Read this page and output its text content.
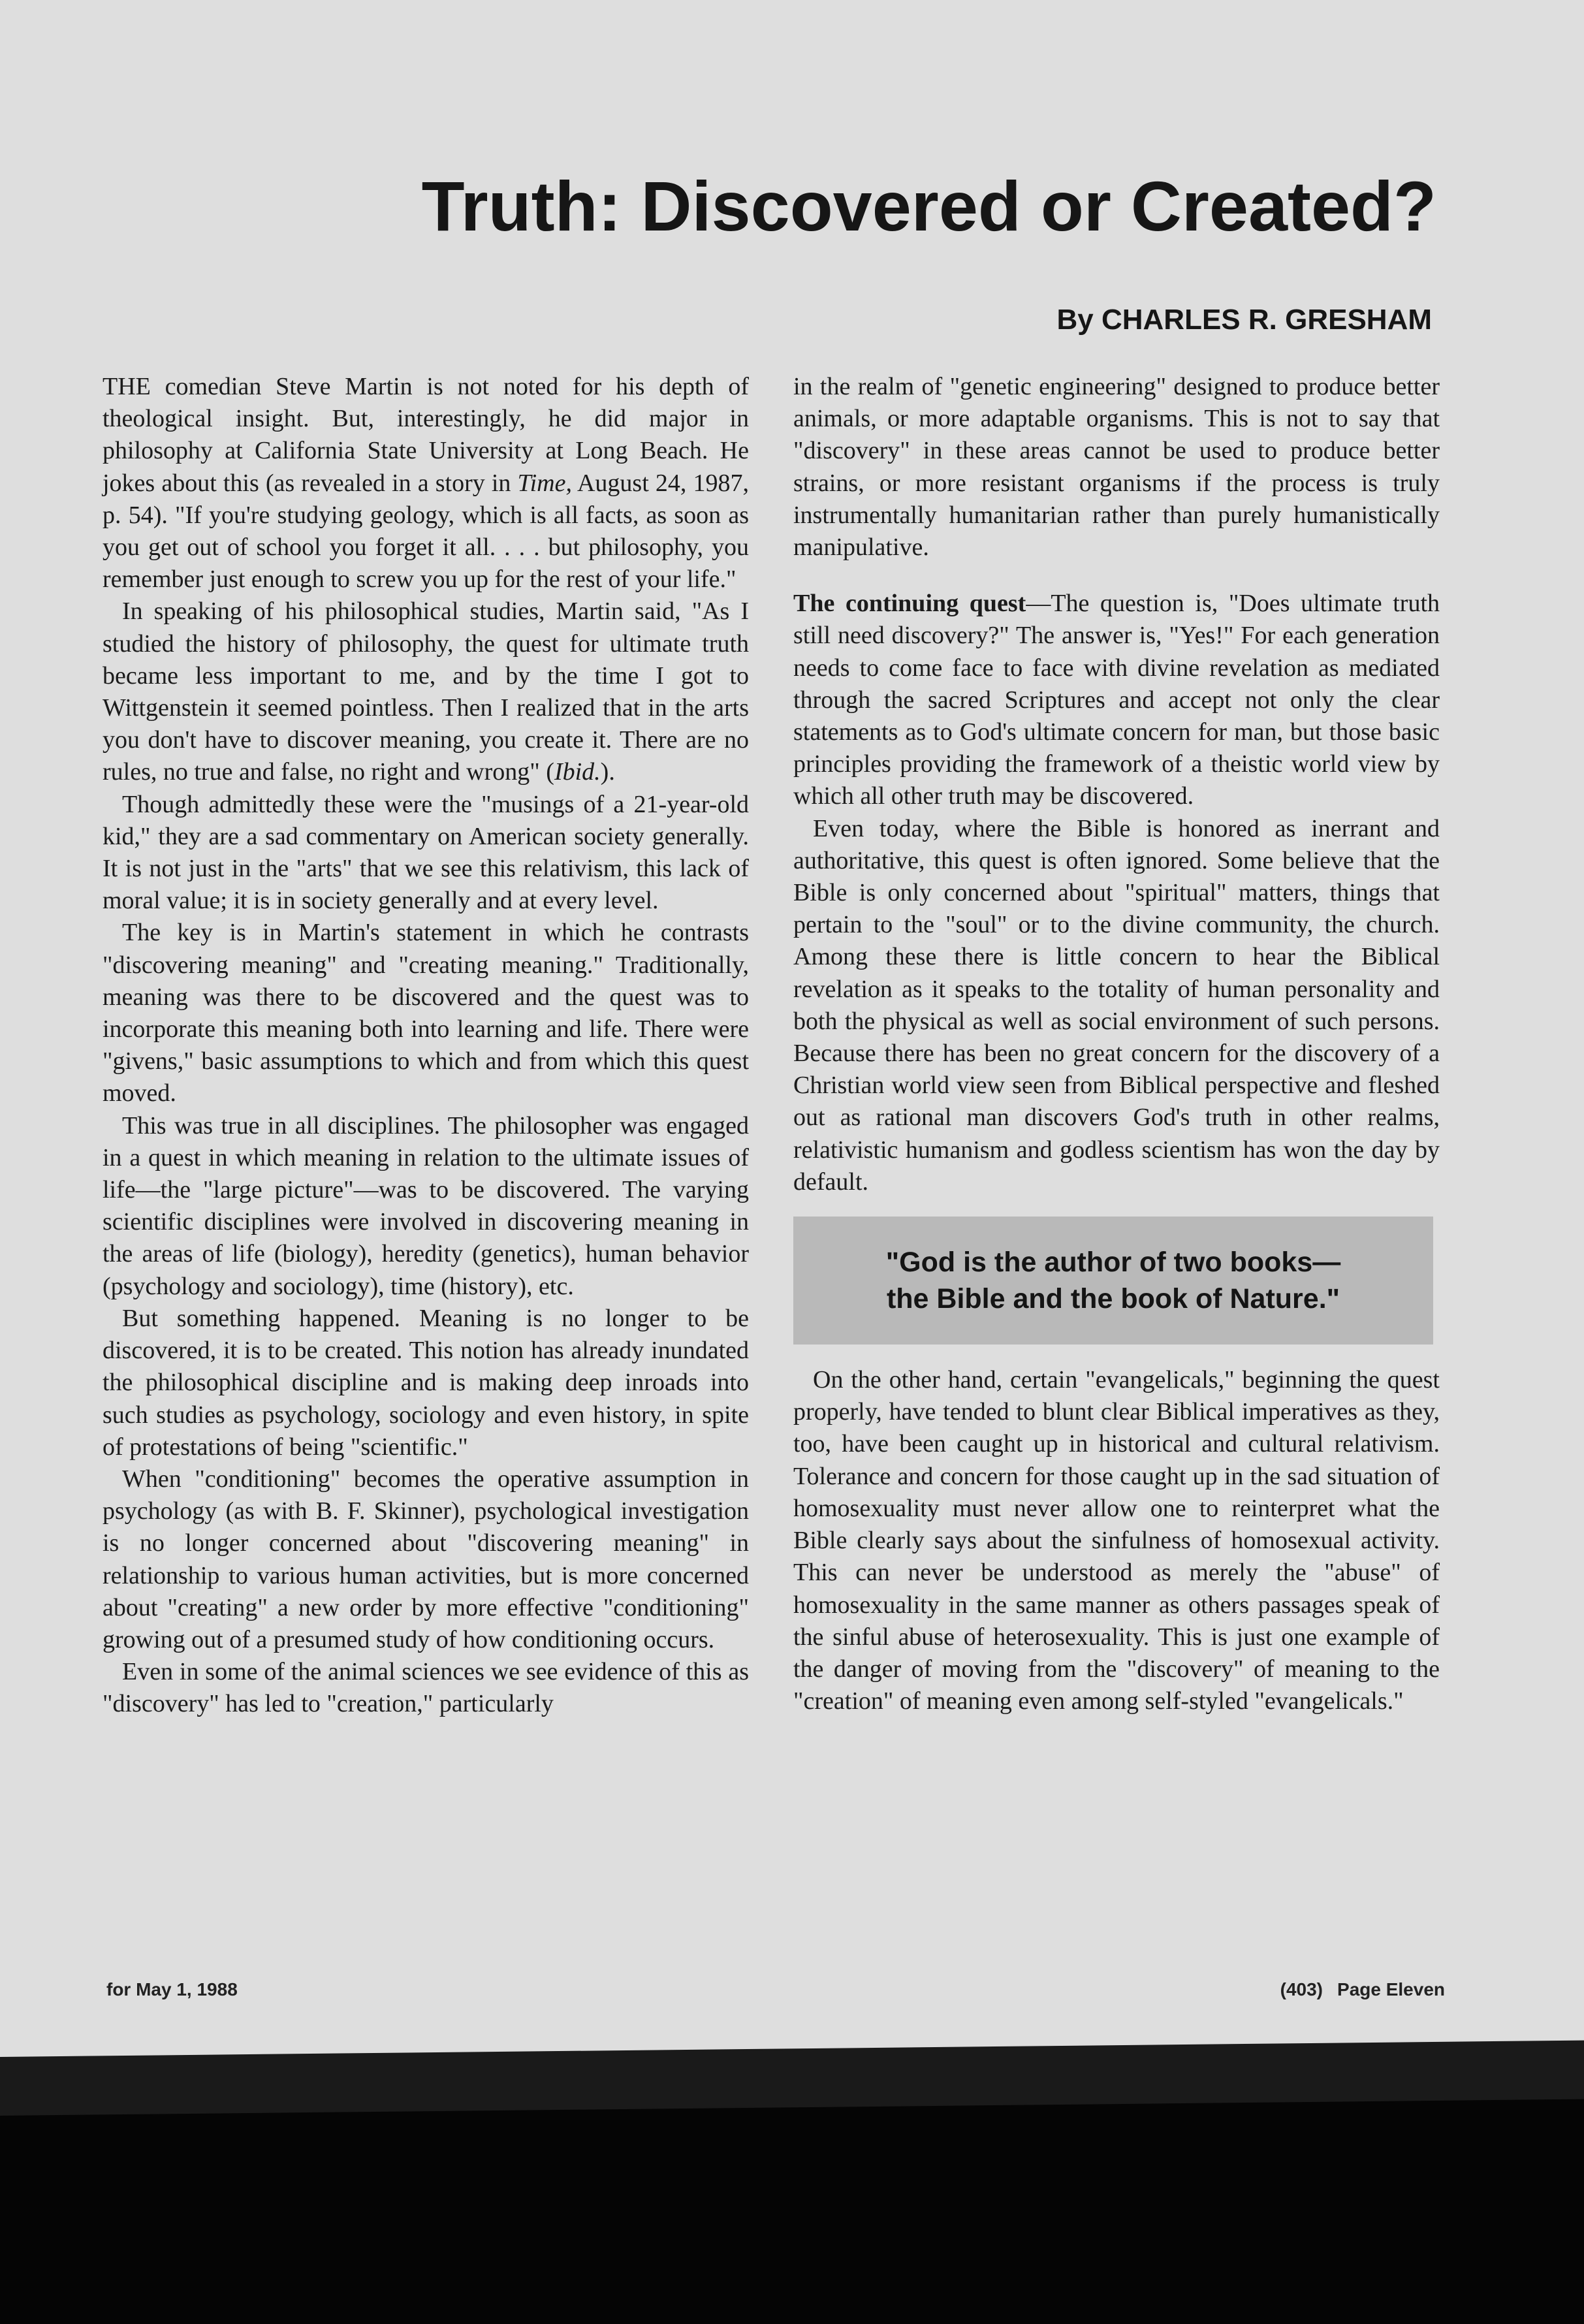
Truth: Discovered or Created?

By CHARLES R. GRESHAM

THE comedian Steve Martin is not noted for his depth of theological insight. But, interestingly, he did major in philosophy at California State University at Long Beach. He jokes about this (as revealed in a story in Time, August 24, 1987, p. 54). "If you're studying geology, which is all facts, as soon as you get out of school you forget it all. . . . but philosophy, you remember just enough to screw you up for the rest of your life."

In speaking of his philosophical studies, Martin said, "As I studied the history of philosophy, the quest for ultimate truth became less important to me, and by the time I got to Wittgenstein it seemed pointless. Then I realized that in the arts you don't have to discover meaning, you create it. There are no rules, no true and false, no right and wrong" (Ibid.).

Though admittedly these were the "musings of a 21-year-old kid," they are a sad commentary on American society generally. It is not just in the "arts" that we see this relativism, this lack of moral value; it is in society generally and at every level.

The key is in Martin's statement in which he contrasts "discovering meaning" and "creating meaning." Traditionally, meaning was there to be discovered and the quest was to incorporate this meaning both into learning and life. There were "givens," basic assumptions to which and from which this quest moved.

This was true in all disciplines. The philosopher was engaged in a quest in which meaning in relation to the ultimate issues of life—the "large picture"—was to be discovered. The varying scientific disciplines were involved in discovering meaning in the areas of life (biology), heredity (genetics), human behavior (psychology and sociology), time (history), etc.

But something happened. Meaning is no longer to be discovered, it is to be created. This notion has already inundated the philosophical discipline and is making deep inroads into such studies as psychology, sociology and even history, in spite of protestations of being "scientific."

When "conditioning" becomes the operative assumption in psychology (as with B. F. Skinner), psychological investigation is no longer concerned about "discovering meaning" in relationship to various human activities, but is more concerned about "creating" a new order by more effective "conditioning" growing out of a presumed study of how conditioning occurs.

Even in some of the animal sciences we see evidence of this as "discovery" has led to "creation," particularly

in the realm of "genetic engineering" designed to produce better animals, or more adaptable organisms. This is not to say that "discovery" in these areas cannot be used to produce better strains, or more resistant organisms if the process is truly instrumentally humanitarian rather than purely humanistically manipulative.

The continuing quest—The question is, "Does ultimate truth still need discovery?" The answer is, "Yes!" For each generation needs to come face to face with divine revelation as mediated through the sacred Scriptures and accept not only the clear statements as to God's ultimate concern for man, but those basic principles providing the framework of a theistic world view by which all other truth may be discovered.

Even today, where the Bible is honored as inerrant and authoritative, this quest is often ignored. Some believe that the Bible is only concerned about "spiritual" matters, things that pertain to the "soul" or to the divine community, the church. Among these there is little concern to hear the Biblical revelation as it speaks to the totality of human personality and both the physical as well as social environment of such persons. Because there has been no great concern for the discovery of a Christian world view seen from Biblical perspective and fleshed out as rational man discovers God's truth in other realms, relativistic humanism and godless scientism has won the day by default.

"God is the author of two books—the Bible and the book of Nature."

On the other hand, certain "evangelicals," beginning the quest properly, have tended to blunt clear Biblical imperatives as they, too, have been caught up in historical and cultural relativism. Tolerance and concern for those caught up in the sad situation of homosexuality must never allow one to reinterpret what the Bible clearly says about the sinfulness of homosexual activity. This can never be understood as merely the "abuse" of homosexuality in the same manner as others passages speak of the sinful abuse of heterosexuality. This is just one example of the danger of moving from the "discovery" of meaning to the "creation" of meaning even among self-styled "evangelicals."

for May 1, 1988	(403) Page Eleven
